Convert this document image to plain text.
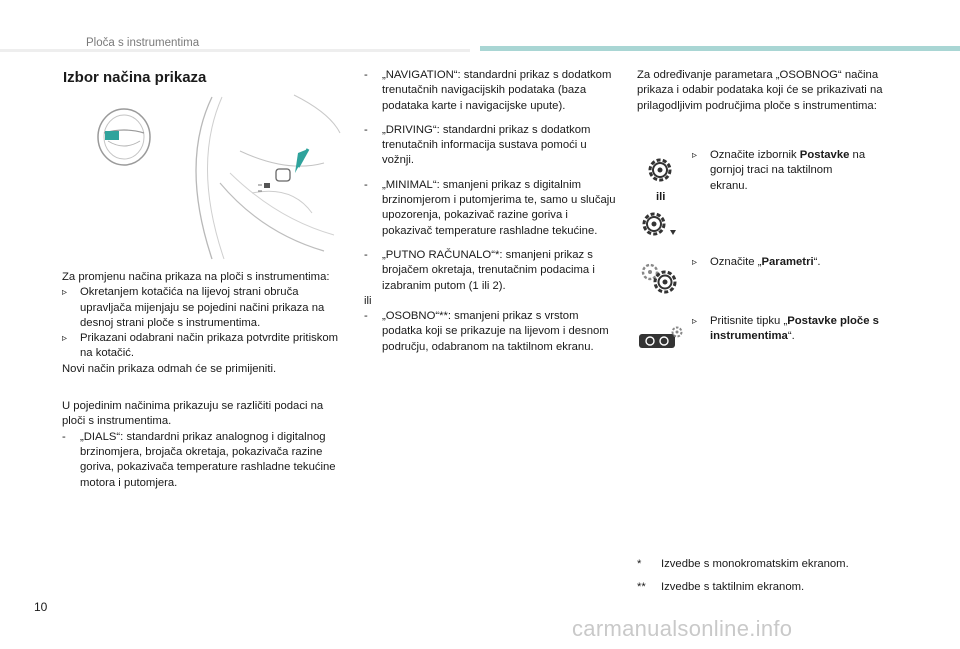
Ploča s instrumentima
Izbor načina prikaza

Za promjenu načina prikaza na ploči s instrumentima:

▹ Okretanjem kotačića na lijevoj strani obruča upravljača mijenjaju se pojedini načini prikaza na desnoj strani ploče s instrumentima.
▹ Prikazani odabrani način prikaza potvrdite pritiskom na kotačić.

Novi način prikaza odmah će se primijeniti.

U pojedinim načinima prikazuju se različiti podaci na ploči s instrumentima.

- „DIALS“: standardni prikaz analognog i digitalnog brzinomjera, brojača okretaja, pokazivača razine goriva, pokazivača temperature rashladne tekućine motora i putomjera.
- „NAVIGATION“: standardni prikaz s dodatkom trenutačnih navigacijskih podataka (baza podataka karte i navigacijske upute).
- „DRIVING“: standardni prikaz s dodatkom trenutačnih informacija sustava pomoći u vožnji.
- „MINIMAL“: smanjeni prikaz s digitalnim brzinomjerom i putomjerima te, samo u slučaju upozorenja, pokazivač razine goriva i pokazivač temperature rashladne tekućine.
- „PUTNO RAČUNALO“*: smanjeni prikaz s brojačem okretaja, trenutačnim podacima i izabranim putom (1 ili 2).

ili

- „OSOBNO“**: smanjeni prikaz s vrstom podatka koji se prikazuje na lijevom i desnom području, odabranom na taktilnom ekranu.
Za određivanje parametara „OSOBNOG“ načina prikaza i odabir podataka koji će se prikazivati na prilagodljivim područjima ploče s instrumentima:
ili
▹ Označite izbornik Postavke na gornjoj traci na taktilnom ekranu.
▹ Označite „Parametri“.
▹ Pritisnite tipku „Postavke ploče s instrumentima“.
* Izvedbe s monokromatskim ekranom.
** Izvedbe s taktilnim ekranom.
10
carmanualsonline.info
